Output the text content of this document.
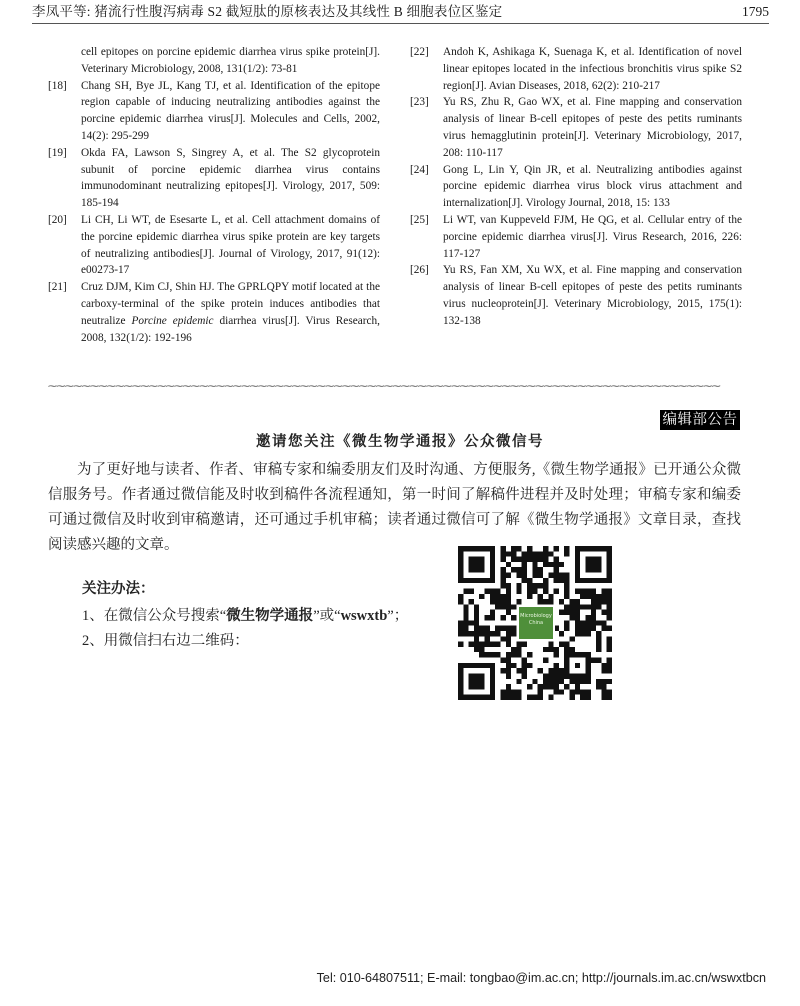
李凤平等: 猪流行性腹泻病毒 S2 截短肽的原核表达及其线性 B 细胞表位区鉴定	1795
cell epitopes on porcine epidemic diarrhea virus spike protein[J]. Veterinary Microbiology, 2008, 131(1/2): 73-81
[18] Chang SH, Bye JL, Kang TJ, et al. Identification of the epitope region capable of inducing neutralizing antibodies against the porcine epidemic diarrhea virus[J]. Molecules and Cells, 2002, 14(2): 295-299
[19] Okda FA, Lawson S, Singrey A, et al. The S2 glycoprotein subunit of porcine epidemic diarrhea virus contains immunodominant neutralizing epitopes[J]. Virology, 2017, 509: 185-194
[20] Li CH, Li WT, de Esesarte L, et al. Cell attachment domains of the porcine epidemic diarrhea virus spike protein are key targets of neutralizing antibodies[J]. Journal of Virology, 2017, 91(12): e00273-17
[21] Cruz DJM, Kim CJ, Shin HJ. The GPRLQPY motif located at the carboxy-terminal of the spike protein induces antibodies that neutralize Porcine epidemic diarrhea virus[J]. Virus Research, 2008, 132(1/2): 192-196
[22] Andoh K, Ashikaga K, Suenaga K, et al. Identification of novel linear epitopes located in the infectious bronchitis virus spike S2 region[J]. Avian Diseases, 2018, 62(2): 210-217
[23] Yu RS, Zhu R, Gao WX, et al. Fine mapping and conservation analysis of linear B-cell epitopes of peste des petits ruminants virus hemagglutinin protein[J]. Veterinary Microbiology, 2017, 208: 110-117
[24] Gong L, Lin Y, Qin JR, et al. Neutralizing antibodies against porcine epidemic diarrhea virus block virus attachment and internalization[J]. Virology Journal, 2018, 15: 133
[25] Li WT, van Kuppeveld FJM, He QG, et al. Cellular entry of the porcine epidemic diarrhea virus[J]. Virus Research, 2016, 226: 117-127
[26] Yu RS, Fan XM, Xu WX, et al. Fine mapping and conservation analysis of linear B-cell epitopes of peste des petits ruminants virus nucleoprotein[J]. Veterinary Microbiology, 2015, 175(1): 132-138
⁓⁓⁓⁓⁓⁓⁓⁓⁓⁓⁓⁓⁓⁓⁓⁓⁓⁓⁓⁓⁓⁓⁓⁓⁓⁓⁓⁓⁓⁓⁓⁓⁓⁓⁓⁓⁓⁓⁓⁓⁓⁓⁓⁓⁓⁓⁓⁓⁓⁓⁓⁓⁓⁓⁓⁓⁓⁓⁓⁓⁓⁓⁓⁓⁓⁓⁓⁓⁓⁓⁓⁓⁓⁓⁓⁓⁓⁓⁓⁓
编辑部公告
邀请您关注《微生物学通报》公众微信号
为了更好地与读者、作者、审稿专家和编委朋友们及时沟通、方便服务,《微生物学通报》已开通公众微信服务号。作者通过微信能及时收到稿件各流程通知，第一时间了解稿件进程并及时处理；审稿专家和编委可通过微信及时收到审稿邀请，还可通过手机审稿；读者通过微信可了解《微生物学通报》文章目录，查找阅读感兴趣的文章。
关注办法：
1、在微信公众号搜索“微生物学通报”或“wswxtb”；
2、用微信扫右边二维码：
Microbiology China
Tel: 010-64807511; E-mail: tongbao@im.ac.cn; http://journals.im.ac.cn/wswxtbcn
